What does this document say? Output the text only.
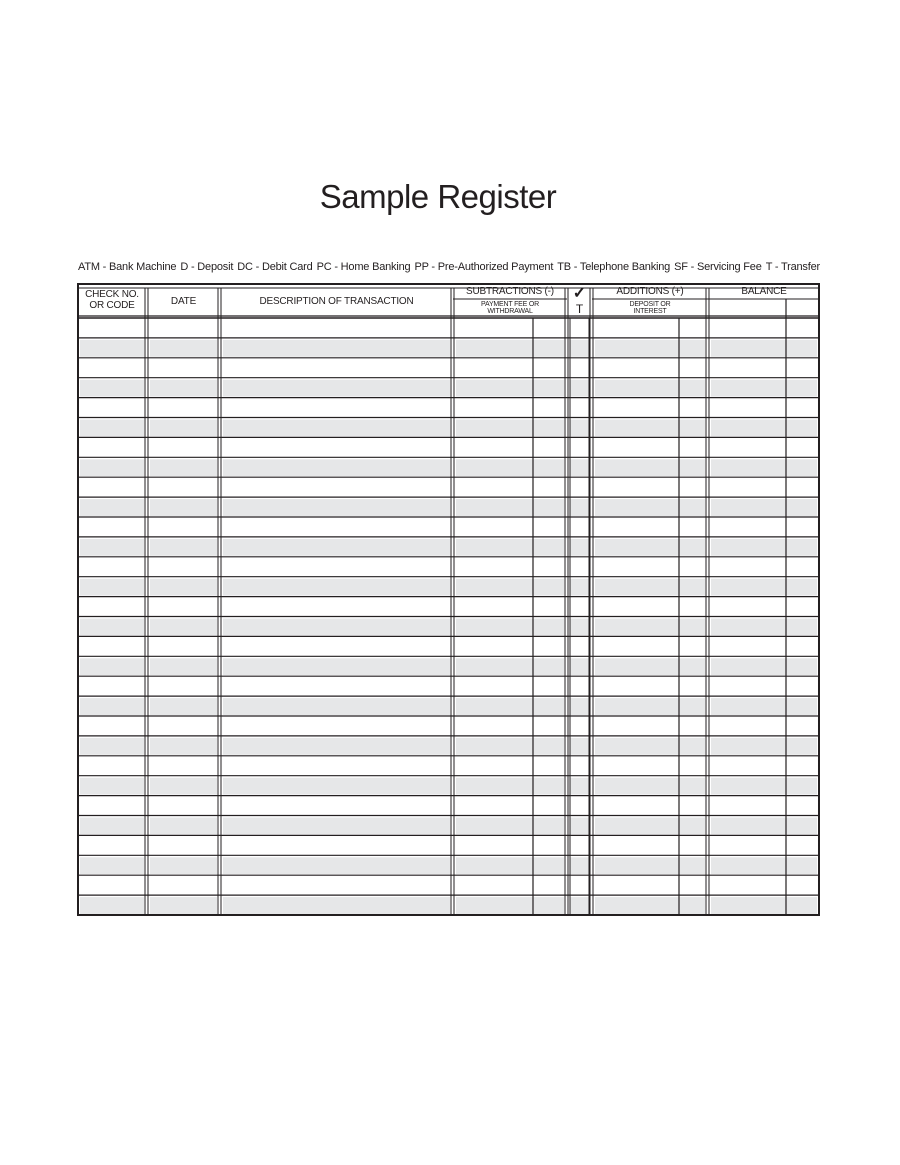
Sample Register
ATM - Bank Machine D - Deposit DC - Debit Card PC - Home Banking PP - Pre-Authorized Payment TB - Telephone Banking SF - Servicing Fee T - Transfer
CHECK NO.
OR CODE	DATE	DESCRIPTION OF TRANSACTION
SUBTRACTIONS (-)
PAYMENT FEE OR
WITHDRAWAL
✓
T
ADDITIONS (+)
DEPOSIT OR
INTEREST
BALANCE
